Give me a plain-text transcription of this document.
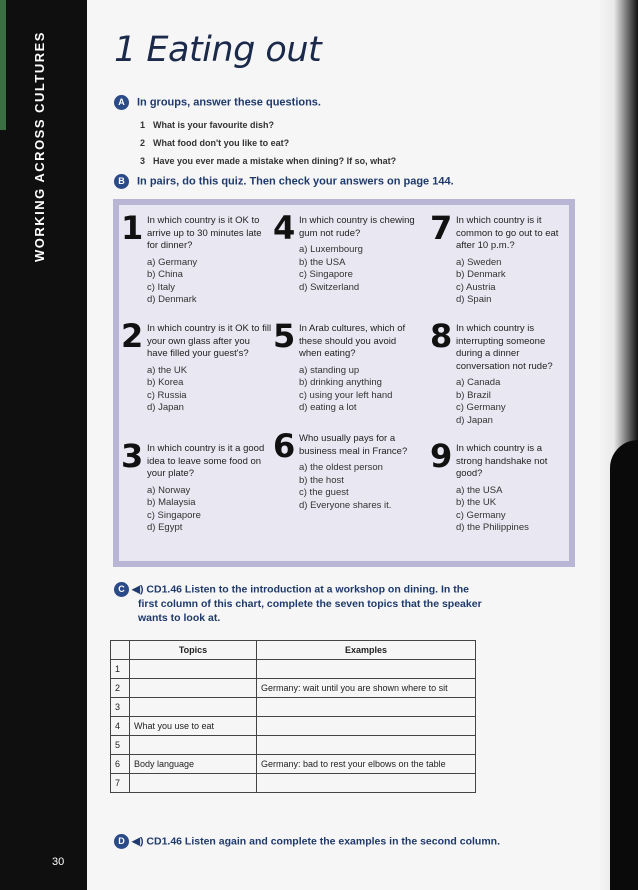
WORKING ACROSS CULTURES
30
1 Eating out
A In groups, answer these questions.
1 What is your favourite dish?
2 What food don't you like to eat?
3 Have you ever made a mistake when dining? If so, what?
B In pairs, do this quiz. Then check your answers on page 144.
1 In which country is it OK to arrive up to 30 minutes late for dinner?
a) Germany
b) China
c) Italy
d) Denmark
2 In which country is it OK to fill your own glass after you have filled your guest's?
a) the UK
b) Korea
c) Russia
d) Japan
3 In which country is it a good idea to leave some food on your plate?
a) Norway
b) Malaysia
c) Singapore
d) Egypt
4 In which country is chewing gum not rude?
a) Luxembourg
b) the USA
c) Singapore
d) Switzerland
5 In Arab cultures, which of these should you avoid when eating?
a) standing up
b) drinking anything
c) using your left hand
d) eating a lot
6 Who usually pays for a business meal in France?
a) the oldest person
b) the host
c) the guest
d) Everyone shares it.
7 In which country is it common to go out to eat after 10 p.m.?
a) Sweden
b) Denmark
c) Austria
d) Spain
8 In which country is interrupting someone during a dinner conversation not rude?
a) Canada
b) Brazil
c) Germany
d) Japan
9 In which country is a strong handshake not good?
a) the USA
b) the UK
c) Germany
d) the Philippines
C ◀) CD1.46 Listen to the introduction at a workshop on dining. In the
first column of this chart, complete the seven topics that the speaker
wants to look at.
	Topics	Examples
1		
2		Germany: wait until you are shown where to sit
3		
4	What you use to eat	
5		
6	Body language	Germany: bad to rest your elbows on the table
7		
D ◀) CD1.46 Listen again and complete the examples in the second column.
